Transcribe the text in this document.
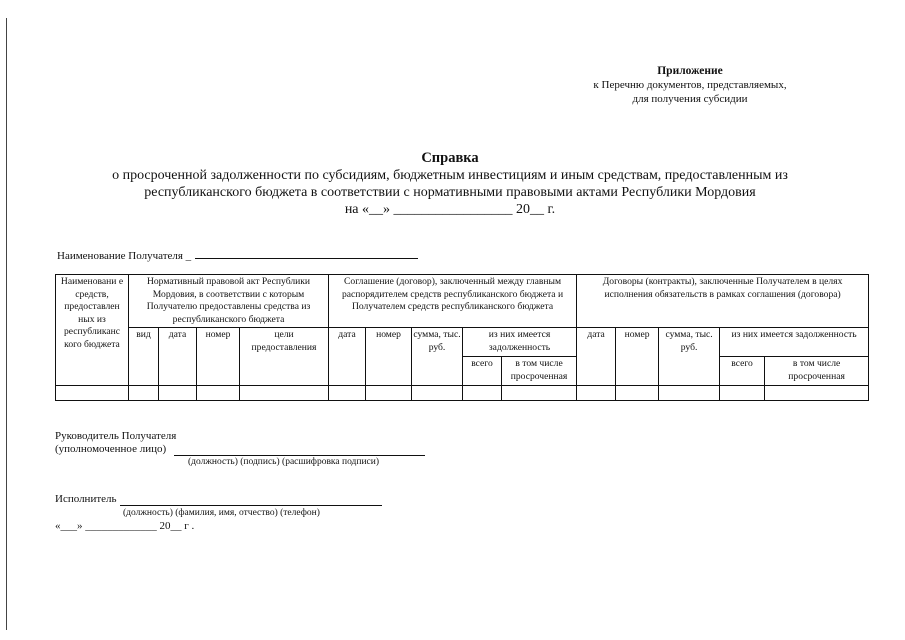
Приложение
к Перечню документов, представляемых,
для получения субсидии
Справка
о просроченной задолженности по субсидиям, бюджетным инвестициям и иным средствам, предоставленным из
республиканского бюджета в соответствии с нормативными правовыми актами Республики Мордовия
на «__» _________________ 20__ г.
Наименование Получателя _
Наименовани е средств, предоставлен ных из республиканс кого бюджета	Нормативный правовой акт Республики Мордовия, в соответствии с которым Получателю предоставлены средства из республиканского бюджета				Соглашение (договор), заключенный между главным распорядителем средств республиканского бюджета и Получателем средств республиканского бюджета					Договоры (контракты), заключенные Получателем в целях исполнения обязательств в рамках соглашения (договора)				
	вид	дата	номер	цели предоставления	дата	номер	сумма, тыс. руб.	из них имеется задолженность		дата	номер	сумма, тыс. руб.	из них имеется задолженность	
								всего	в том числе просроченная				всего	в том числе просроченная

Руководитель Получателя
(уполномоченное лицо)
(должность) (подпись) (расшифровка подписи)
Исполнитель
(должность) (фамилия, имя, отчество) (телефон)
«___» _____________ 20__ г .
